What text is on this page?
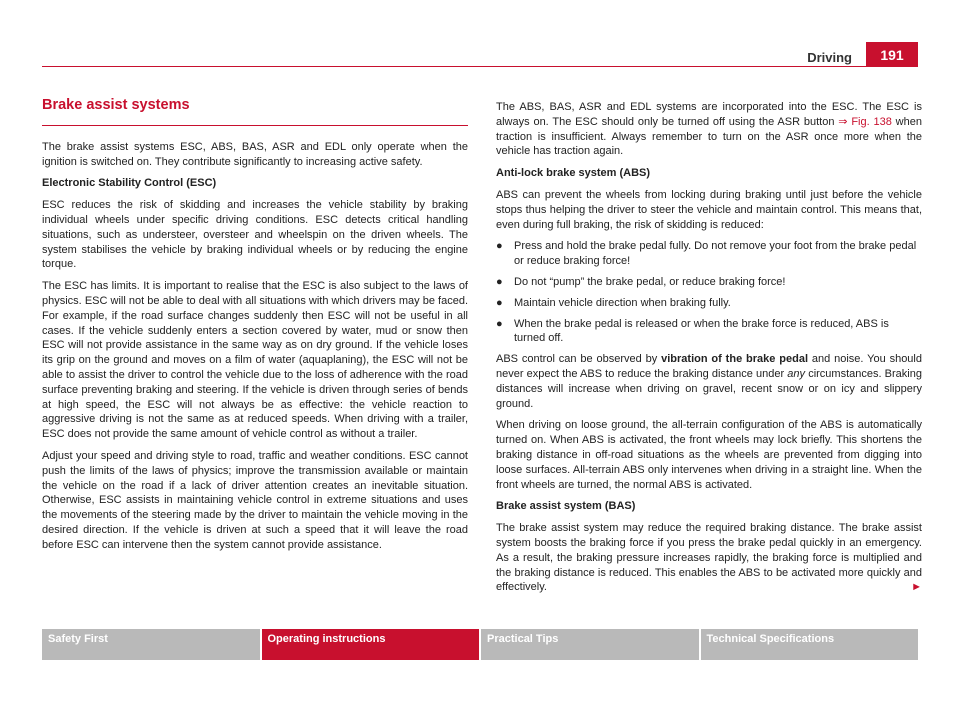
Driving	191
Brake assist systems

The brake assist systems ESC, ABS, BAS, ASR and EDL only operate when the ignition is switched on. They contribute significantly to increasing active safety.

Electronic Stability Control (ESC)

ESC reduces the risk of skidding and increases the vehicle stability by braking individual wheels under specific driving conditions. ESC detects critical handling situations, such as understeer, oversteer and wheelspin on the driven wheels. The system stabilises the vehicle by braking individual wheels or by reducing the engine torque.

The ESC has limits. It is important to realise that the ESC is also subject to the laws of physics. ESC will not be able to deal with all situations with which drivers may be faced. For example, if the road surface changes suddenly then ESC will not be useful in all cases. If the vehicle suddenly enters a section covered by water, mud or snow then ESC will not provide assistance in the same way as on dry ground. If the vehicle loses its grip on the ground and moves on a film of water (aquaplaning), the ESC will not be able to assist the driver to control the vehicle due to the loss of adherence with the road surface preventing braking and steering. If the vehicle is driven through series of bends at high speed, the ESC will not always be as effective: the vehicle reaction to aggressive driving is not the same as at reduced speeds. When driving with a trailer, ESC does not provide the same amount of vehicle control as without a trailer.

Adjust your speed and driving style to road, traffic and weather conditions. ESC cannot push the limits of the laws of physics; improve the transmission available or maintain the vehicle on the road if a lack of driver attention creates an inevitable situation. Otherwise, ESC assists in maintaining vehicle control in extreme situations and uses the movements of the steering made by the driver to maintain the vehicle moving in the desired direction. If the vehicle is driven at such a speed that it will leave the road before ESC can intervene then the system cannot provide assistance.

The ABS, BAS, ASR and EDL systems are incorporated into the ESC. The ESC is always on. The ESC should only be turned off using the ASR button ⇒ Fig. 138 when traction is insufficient. Always remember to turn on the ASR once more when the vehicle has traction again.

Anti-lock brake system (ABS)

ABS can prevent the wheels from locking during braking until just before the vehicle stops thus helping the driver to steer the vehicle and maintain control. This means that, even during full braking, the risk of skidding is reduced:

●	Press and hold the brake pedal fully. Do not remove your foot from the brake pedal or reduce braking force!
●	Do not “pump” the brake pedal, or reduce braking force!
●	Maintain vehicle direction when braking fully.
●	When the brake pedal is released or when the brake force is reduced, ABS is turned off.

ABS control can be observed by vibration of the brake pedal and noise. You should never expect the ABS to reduce the braking distance under any circumstances. Braking distances will increase when driving on gravel, recent snow or on icy and slippery ground.

When driving on loose ground, the all-terrain configuration of the ABS is automatically turned on. When ABS is activated, the front wheels may lock briefly. This shortens the braking distance in off-road situations as the wheels are prevented from digging into loose surfaces. All-terrain ABS only intervenes when driving in a straight line. When the front wheels are turned, the normal ABS is activated.

Brake assist system (BAS)

The brake assist system may reduce the required braking distance. The brake assist system boosts the braking force if you press the brake pedal quickly in an emergency. As a result, the braking pressure increases rapidly, the braking force is multiplied and the braking distance is reduced. This enables the ABS to be activated more quickly and effectively.	►

Safety First	Operating instructions	Practical Tips	Technical Specifications
